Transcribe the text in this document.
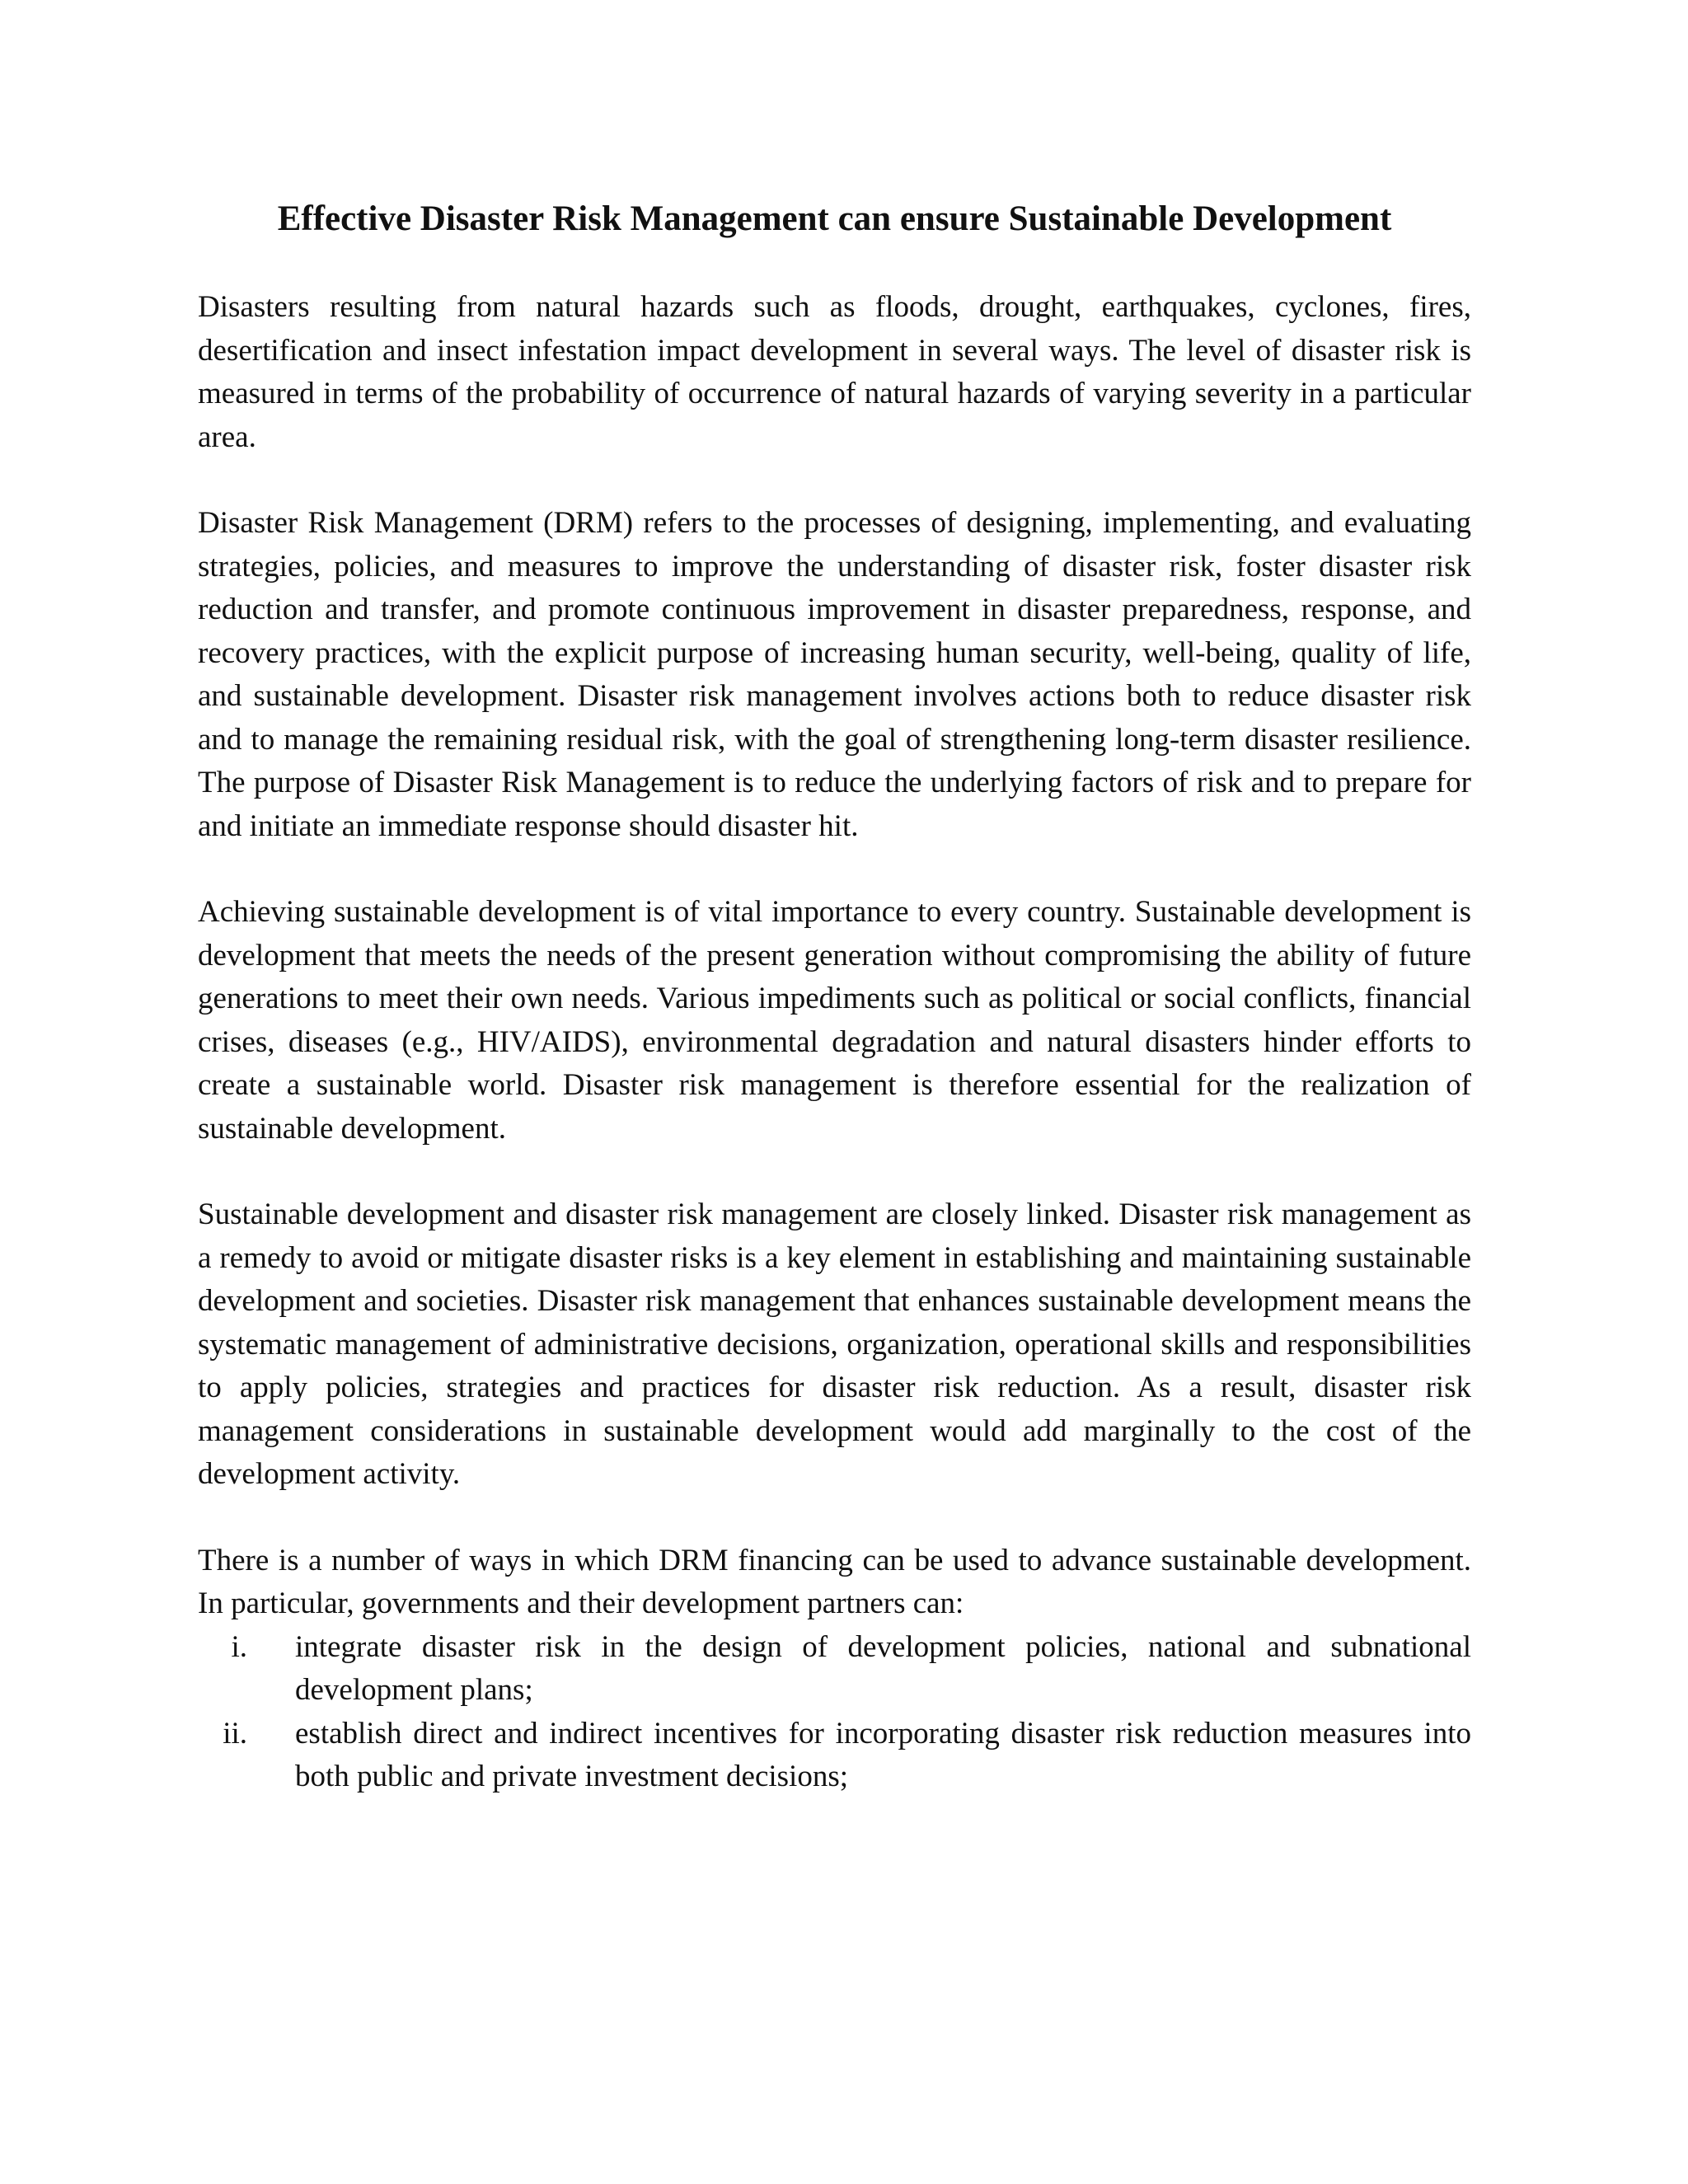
Effective Disaster Risk Management can ensure Sustainable Development

Disasters resulting from natural hazards such as floods, drought, earthquakes, cyclones, fires, desertification and insect infestation impact development in several ways. The level of disaster risk is measured in terms of the probability of occurrence of natural hazards of varying severity in a particular area.

Disaster Risk Management (DRM) refers to the processes of designing, implementing, and evaluating strategies, policies, and measures to improve the understanding of disaster risk, foster disaster risk reduction and transfer, and promote continuous improvement in disaster preparedness, response, and recovery practices, with the explicit purpose of increasing human security, well-being, quality of life, and sustainable development. Disaster risk management involves actions both to reduce disaster risk and to manage the remaining residual risk, with the goal of strengthening long-term disaster resilience. The purpose of Disaster Risk Management is to reduce the underlying factors of risk and to prepare for and initiate an immediate response should disaster hit.

Achieving sustainable development is of vital importance to every country. Sustainable development is development that meets the needs of the present generation without compromising the ability of future generations to meet their own needs. Various impediments such as political or social conflicts, financial crises, diseases (e.g., HIV/AIDS), environmental degradation and natural disasters hinder efforts to create a sustainable world. Disaster risk management is therefore essential for the realization of sustainable development.

Sustainable development and disaster risk management are closely linked. Disaster risk management as a remedy to avoid or mitigate disaster risks is a key element in establishing and maintaining sustainable development and societies. Disaster risk management that enhances sustainable development means the systematic management of administrative decisions, organization, operational skills and responsibilities to apply policies, strategies and practices for disaster risk reduction. As a result, disaster risk management considerations in sustainable development would add marginally to the cost of the development activity.

There is a number of ways in which DRM financing can be used to advance sustainable development. In particular, governments and their development partners can:

i. integrate disaster risk in the design of development policies, national and subnational development plans;
ii. establish direct and indirect incentives for incorporating disaster risk reduction measures into both public and private investment decisions;
